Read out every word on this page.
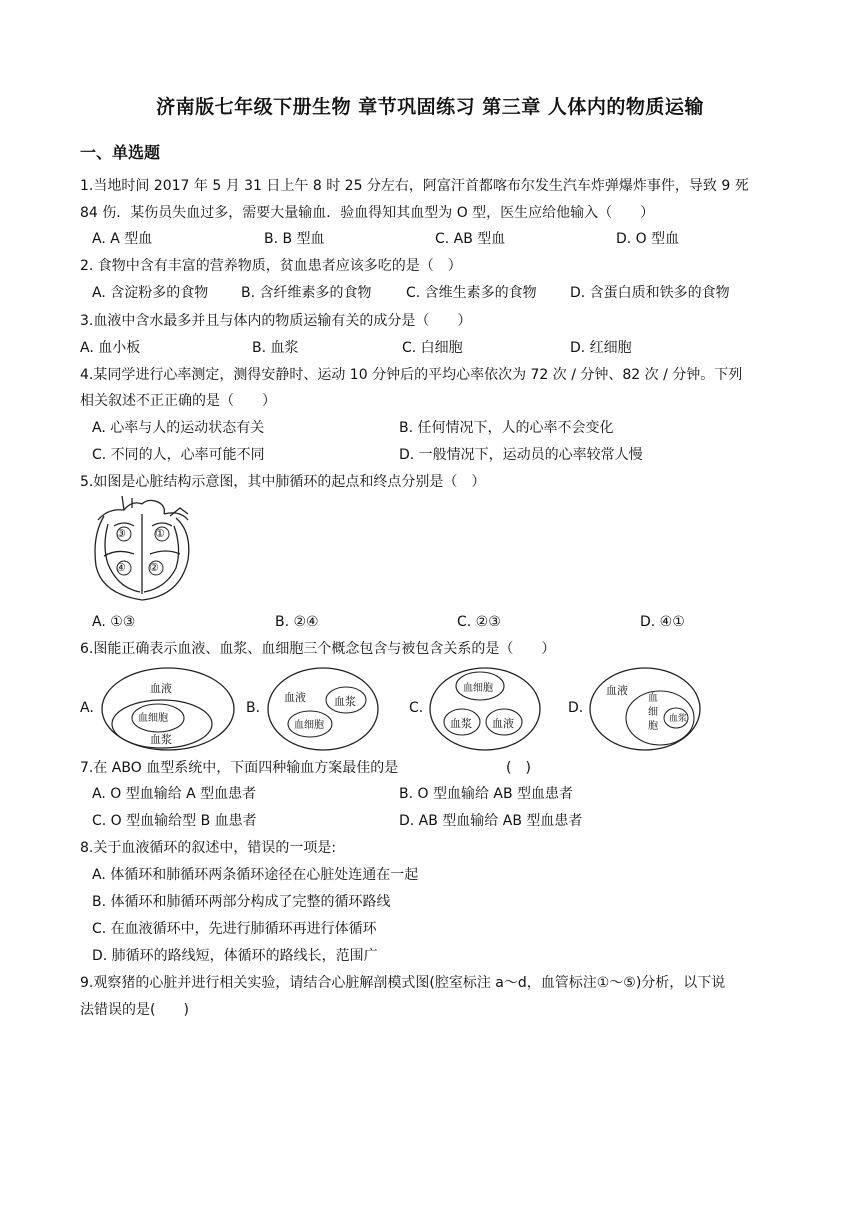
济南版七年级下册生物 章节巩固练习 第三章 人体内的物质运输
一、单选题
1.当地时间 2017 年 5 月 31 日上午 8 时 25 分左右，阿富汗首都喀布尔发生汽车炸弹爆炸事件，导致 9 死
84 伤．某伤员失血过多，需要大量输血．验血得知其血型为 O 型，医生应给他输入（　　）
A. A 型血	B. B 型血	C. AB 型血	D. O 型血
2. 食物中含有丰富的营养物质，贫血患者应该多吃的是（　）
A. 含淀粉多的食物 B. 含纤维素多的食物 C. 含维生素多的食物 D. 含蛋白质和铁多的食物
3.血液中含水最多并且与体内的物质运输有关的成分是（　　）
A. 血小板	B. 血浆	C. 白细胞	D. 红细胞
4.某同学进行心率测定，测得安静时、运动 10 分钟后的平均心率依次为 72 次 / 分钟、82 次 / 分钟。下列
相关叙述不正正确的是（　　）
A. 心率与人的运动状态有关	B. 任何情况下，人的心率不会变化
C. 不同的人，心率可能不同	D. 一般情况下，运动员的心率较常人慢
5.如图是心脏结构示意图，其中肺循环的起点和终点分别是（　）
③	①
④ ②
A. ①③	B. ②④	C. ②③	D. ④①
6.图能正确表示血液、血浆、血细胞三个概念包含与被包含关系的是（　　）
A.
血液
血细胞
血浆
B.
血液	血浆
血细胞
C.
血细胞
血浆 血液
D.
血液
血
细
胞
血浆
7.在 ABO 血型系统中，下面四种输血方案最佳的是	(　)
A. O 型血输给 A 型血患者	B. O 型血输给 AB 型血患者
C. O 型血输给型 B 血患者	D. AB 型血输给 AB 型血患者
8.关于血液循环的叙述中，错误的一项是:
A. 体循环和肺循环两条循环途径在心脏处连通在一起
B. 体循环和肺循环两部分构成了完整的循环路线
C. 在血液循环中，先进行肺循环再进行体循环
D. 肺循环的路线短，体循环的路线长，范围广
9.观察猪的心脏并进行相关实验，请结合心脏解剖模式图(腔室标注 a～d，血管标注①～⑤)分析，以下说
法错误的是(　　)
